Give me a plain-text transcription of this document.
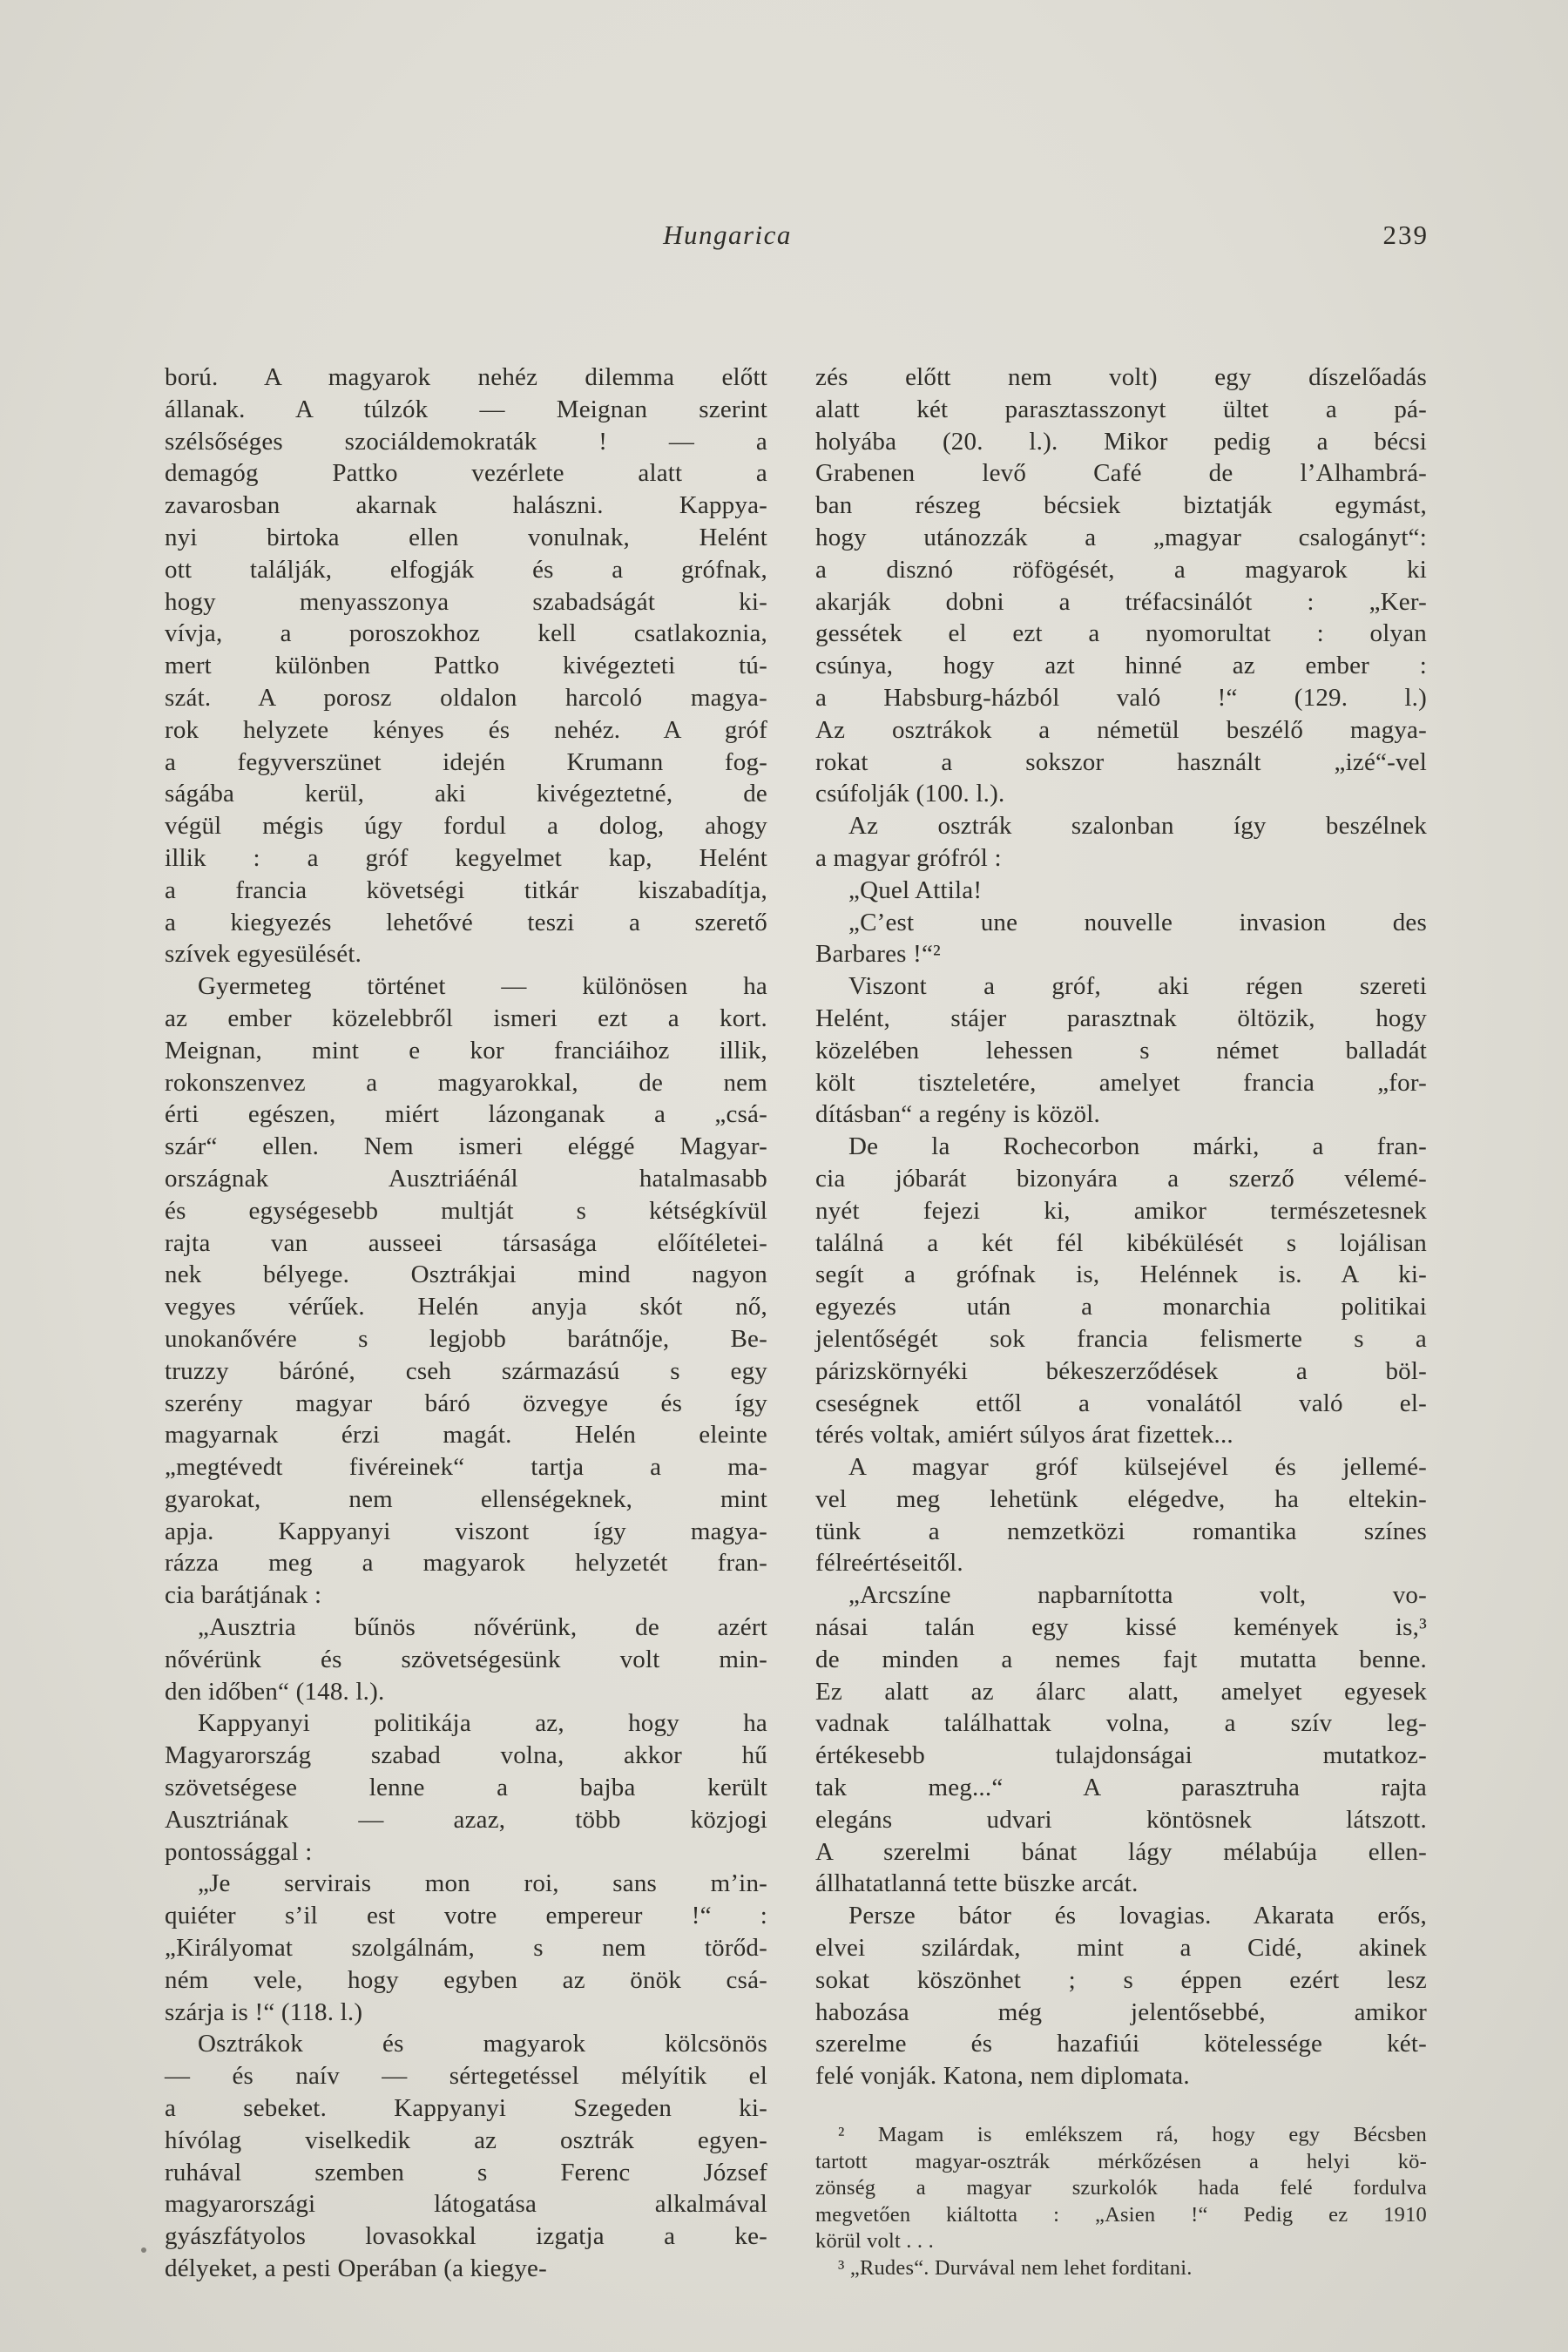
Hungarica	239
ború. A magyarok nehéz dilemma előtt
állanak. A túlzók — Meignan szerint
szélsőséges szociáldemokraták ! — a
demagóg Pattko vezérlete alatt a
zavarosban akarnak halászni. Kappya-
nyi birtoka ellen vonulnak, Helént
ott találják, elfogják és a grófnak,
hogy menyasszonya szabadságát ki-
vívja, a poroszokhoz kell csatlakoznia,
mert különben Pattko kivégezteti tú-
szát. A porosz oldalon harcoló magya-
rok helyzete kényes és nehéz. A gróf
a fegyverszünet idején Krumann fog-
ságába kerül, aki kivégeztetné, de
végül mégis úgy fordul a dolog, ahogy
illik : a gróf kegyelmet kap, Helént
a francia követségi titkár kiszabadítja,
a kiegyezés lehetővé teszi a szerető
szívek egyesülését.
Gyermeteg történet — különösen ha
az ember közelebbről ismeri ezt a kort.
Meignan, mint e kor franciáihoz illik,
rokonszenvez a magyarokkal, de nem
érti egészen, miért lázonganak a „csá-
szár“ ellen. Nem ismeri eléggé Magyar-
országnak Ausztriáénál hatalmasabb
és egységesebb multját s kétségkívül
rajta van ausseei társasága előítéletei-
nek bélyege. Osztrákjai mind nagyon
vegyes vérűek. Helén anyja skót nő,
unokanővére s legjobb barátnője, Be-
truzzy báróné, cseh származású s egy
szerény magyar báró özvegye és így
magyarnak érzi magát. Helén eleinte
„megtévedt fivéreinek“ tartja a ma-
gyarokat, nem ellenségeknek, mint
apja. Kappyanyi viszont így magya-
rázza meg a magyarok helyzetét fran-
cia barátjának :
„Ausztria bűnös nővérünk, de azért
nővérünk és szövetségesünk volt min-
den időben“ (148. l.).
Kappyanyi politikája az, hogy ha
Magyarország szabad volna, akkor hű
szövetségese lenne a bajba került
Ausztriának — azaz, több közjogi
pontossággal :
„Je servirais mon roi, sans m’in-
quiéter s’il est votre empereur !“ :
„Királyomat szolgálnám, s nem törőd-
ném vele, hogy egyben az önök csá-
szárja is !“ (118. l.)
Osztrákok és magyarok kölcsönös
— és naív — sértegetéssel mélyítik el
a sebeket. Kappyanyi Szegeden ki-
hívólag viselkedik az osztrák egyen-
ruhával szemben s Ferenc József
magyarországi látogatása alkalmával
gyászfátyolos lovasokkal izgatja a ke-
délyeket, a pesti Operában (a kiegye-
zés előtt nem volt) egy díszelőadás
alatt két parasztasszonyt ültet a pá-
holyába (20. l.). Mikor pedig a bécsi
Grabenen levő Café de l’Alhambrá-
ban részeg bécsiek biztatják egymást,
hogy utánozzák a „magyar csalogányt“:
a disznó röfögését, a magyarok ki
akarják dobni a tréfacsinálót : „Ker-
gessétek el ezt a nyomorultat : olyan
csúnya, hogy azt hinné az ember :
a Habsburg-házból való !“ (129. l.)
Az osztrákok a németül beszélő magya-
rokat a sokszor használt „izé“-vel
csúfolják (100. l.).
Az osztrák szalonban így beszélnek
a magyar grófról :
„Quel Attila!
„C’est une nouvelle invasion des
Barbares !“²
Viszont a gróf, aki régen szereti
Helént, stájer parasztnak öltözik, hogy
közelében lehessen s német balladát
költ tiszteletére, amelyet francia „for-
dításban“ a regény is közöl.
De la Rochecorbon márki, a fran-
cia jóbarát bizonyára a szerző vélemé-
nyét fejezi ki, amikor természetesnek
találná a két fél kibékülését s lojálisan
segít a grófnak is, Helénnek is. A ki-
egyezés után a monarchia politikai
jelentőségét sok francia felismerte s a
párizskörnyéki békeszerződések a böl-
cseségnek ettől a vonalától való el-
térés voltak, amiért súlyos árat fizettek...
A magyar gróf külsejével és jellemé-
vel meg lehetünk elégedve, ha eltekin-
tünk a nemzetközi romantika színes
félreértéseitől.
„Arcszíne napbarnította volt, vo-
násai talán egy kissé kemények is,³
de minden a nemes fajt mutatta benne.
Ez alatt az álarc alatt, amelyet egyesek
vadnak találhattak volna, a szív leg-
értékesebb tulajdonságai mutatkoz-
tak meg...“ A parasztruha rajta
elegáns udvari köntösnek látszott.
A szerelmi bánat lágy mélabúja ellen-
állhatatlanná tette büszke arcát.
Persze bátor és lovagias. Akarata erős,
elvei szilárdak, mint a Cidé, akinek
sokat köszönhet ; s éppen ezért lesz
habozása még jelentősebbé, amikor
szerelme és hazafiúi kötelessége két-
felé vonják. Katona, nem diplomata.
² Magam is emlékszem rá, hogy egy Bécsben
tartott magyar-osztrák mérkőzésen a helyi kö-
zönség a magyar szurkolók hada felé fordulva
megvetően kiáltotta : „Asien !“ Pedig ez 1910
körül volt . . .
³ „Rudes“. Durvával nem lehet forditani.
